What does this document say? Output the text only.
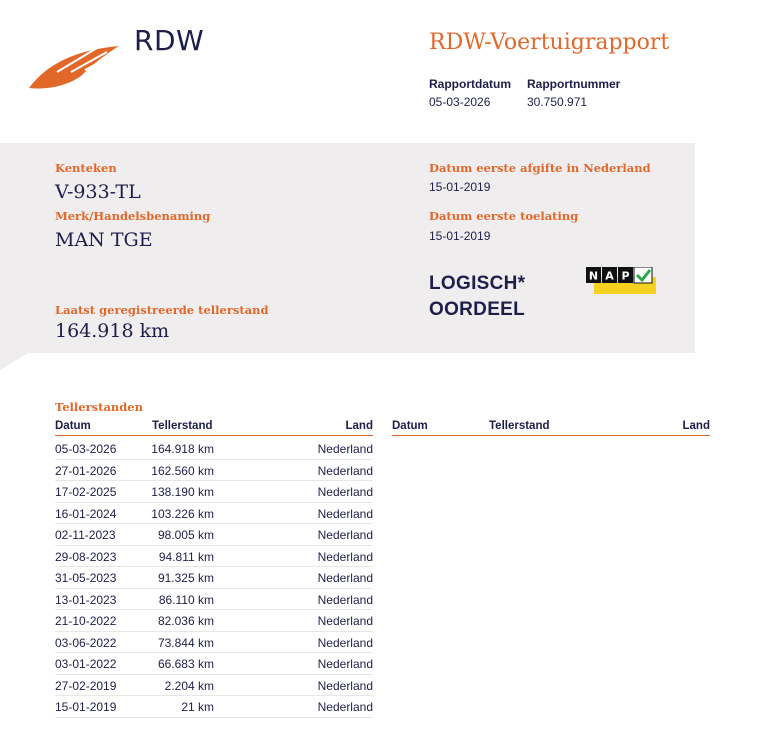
RDW	RDW-Voertuigrapport
Rapportdatum
05-03-2026
Rapportnummer
30.750.971
Kenteken
V-933-TL
Merk/Handelsbenaming
MAN TGE
Laatst geregistreerde tellerstand
164.918 km
Datum eerste afgifte in Nederland
15-01-2019
Datum eerste toelating
15-01-2019
LOGISCH*
OORDEEL
N A P
Tellerstanden
Datum	Tellerstand	Land Datum	Tellerstand	Land
05-03-2026	164.918 km	Nederland
27-01-2026	162.560 km	Nederland
17-02-2025	138.190 km	Nederland
16-01-2024	103.226 km	Nederland
02-11-2023	98.005 km	Nederland
29-08-2023	94.811 km	Nederland
31-05-2023	91.325 km	Nederland
13-01-2023	86.110 km	Nederland
21-10-2022	82.036 km	Nederland
03-06-2022	73.844 km	Nederland
03-01-2022	66.683 km	Nederland
27-02-2019	2.204 km	Nederland
15-01-2019	21 km	Nederland
